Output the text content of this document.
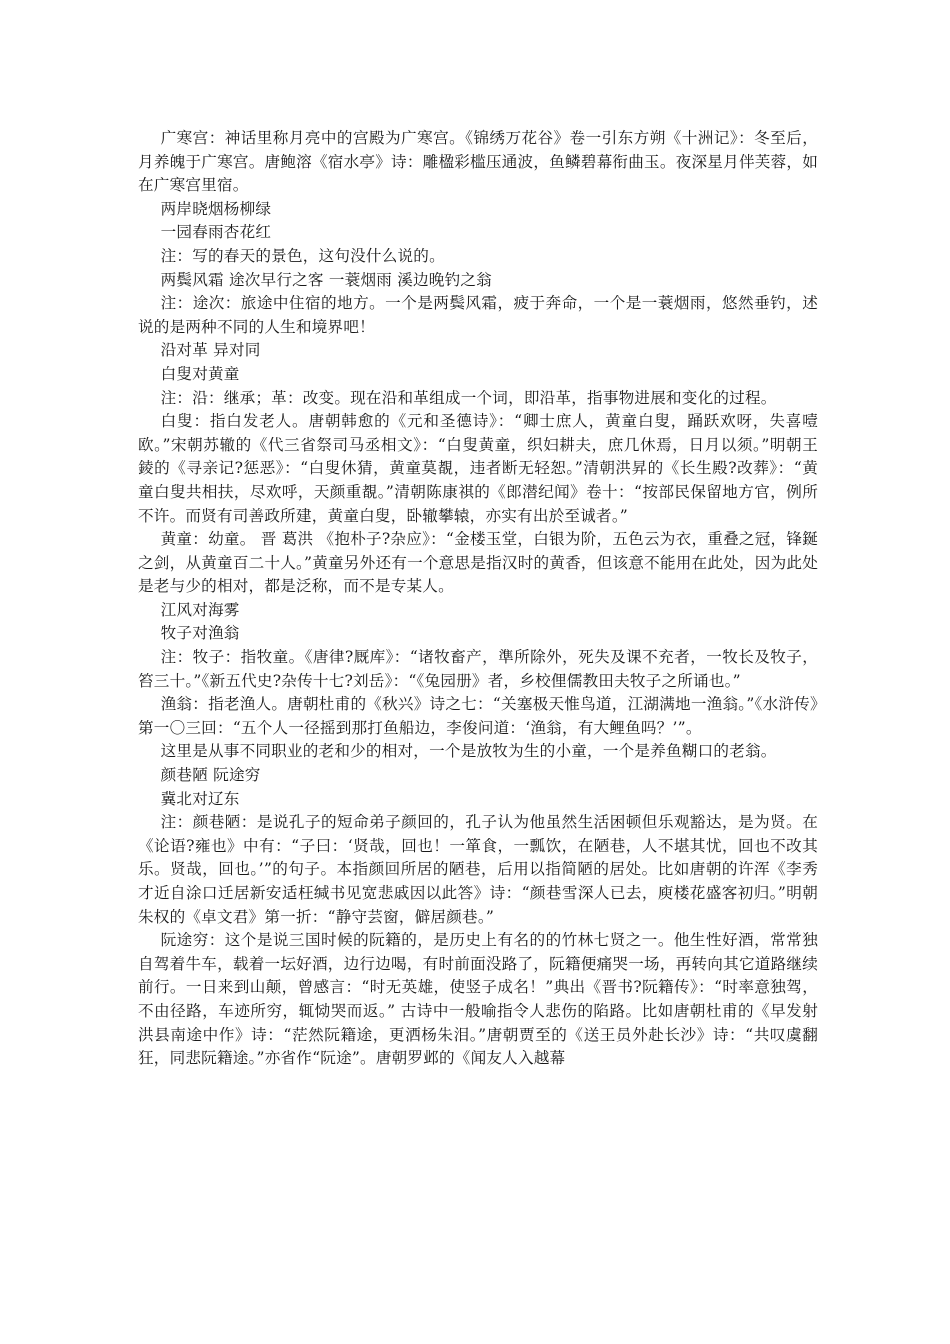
广寒宫：神话里称月亮中的宫殿为广寒宫。《锦绣万花谷》卷一引东方朔《十洲记》：冬至后，月养魄于广寒宫。唐鲍溶《宿水亭》诗：雕楹彩槛压通波，鱼鳞碧幕衔曲玉。夜深星月伴芙蓉，如在广寒宫里宿。

两岸晓烟杨柳绿

一园春雨杏花红

注：写的春天的景色，这句没什么说的。

两鬓风霜 途次早行之客 一蓑烟雨 溪边晚钓之翁

注：途次：旅途中住宿的地方。一个是两鬓风霜，疲于奔命，一个是一蓑烟雨，悠然垂钓，述说的是两种不同的人生和境界吧！

沿对革 异对同

白叟对黄童

注：沿：继承；革：改变。现在沿和革组成一个词，即沿革，指事物进展和变化的过程。

白叟：指白发老人。唐朝韩愈的《元和圣德诗》：“卿士庶人，黄童白叟，踊跃欢呀，失喜噎欧。”宋朝苏辙的《代三省祭司马丞相文》：“白叟黄童，织妇耕夫，庶几休焉，日月以须。”明朝王錂的《寻亲记?惩恶》：“白叟休猜，黄童莫覩，违者断无轻恕。”清朝洪昇的《长生殿?改葬》：“黄童白叟共相扶，尽欢呼，天颜重覩。”清朝陈康祺的《郎潜纪闻》卷十：“按部民保留地方官，例所不许。而贤有司善政所建，黄童白叟，卧辙攀辕，亦实有出於至诚者。”

黄童：幼童。 晋 葛洪 《抱朴子?杂应》：“金楼玉堂，白银为阶，五色云为衣，重叠之冠，锋鋋之剑，从黄童百二十人。”黄童另外还有一个意思是指汉时的黄香，但该意不能用在此处，因为此处是老与少的相对，都是泛称，而不是专某人。

江风对海雾

牧子对渔翁

注：牧子：指牧童。《唐律?厩库》：“诸牧畜产，準所除外，死失及课不充者，一牧长及牧子，笞三十。”《新五代史?杂传十七?刘岳》：“《兔园册》者，乡校俚儒教田夫牧子之所诵也。”

渔翁：指老渔人。唐朝杜甫的《秋兴》诗之七：“关塞极天惟鸟道，江湖满地一渔翁。”《水浒传》第一〇三回：“五个人一径摇到那打鱼船边，李俊问道：‘渔翁，有大鲤鱼吗？’”。

这里是从事不同职业的老和少的相对，一个是放牧为生的小童，一个是养鱼糊口的老翁。

颜巷陋 阮途穷

冀北对辽东

注：颜巷陋：是说孔子的短命弟子颜回的，孔子认为他虽然生活困顿但乐观豁达，是为贤。在《论语?雍也》中有：“子曰：‘贤哉，回也！一箪食，一瓢饮，在陋巷，人不堪其忧，回也不改其乐。贤哉，回也。’”的句子。本指颜回所居的陋巷，后用以指简陋的居处。比如唐朝的许浑《李秀才近自涂口迁居新安适枉缄书见宽悲戚因以此答》诗：“颜巷雪深人已去，庾楼花盛客初归。”明朝朱权的《卓文君》第一折：“静守芸窗，僻居颜巷。”

阮途穷：这个是说三国时候的阮籍的，是历史上有名的的竹林七贤之一。他生性好酒，常常独自驾着牛车，载着一坛好酒，边行边喝，有时前面没路了，阮籍便痛哭一场，再转向其它道路继续前行。一日来到山颠，曾感言：“时无英雄，使竖子成名！”典出《晋书?阮籍传》：“时率意独驾，不由径路，车迹所穷，辄恸哭而返。” 古诗中一般喻指令人悲伤的陷路。比如唐朝杜甫的《早发射洪县南途中作》诗：“茫然阮籍途，更洒杨朱泪。”唐朝贾至的《送王员外赴长沙》诗：“共叹虞翻狂，同悲阮籍途。”亦省作“阮途”。唐朝罗邺的《闻友人入越幕
